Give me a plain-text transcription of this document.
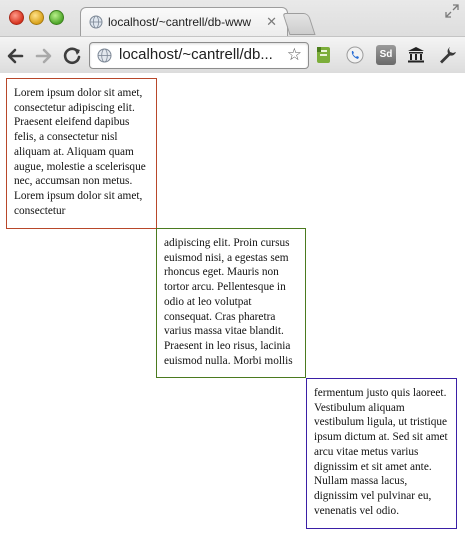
localhost/~cantrell/db-www	✕
localhost/~cantrell/db... ☆	Sd
Lorem ipsum dolor sit amet, consectetur adipiscing elit. Praesent eleifend dapibus felis, a consectetur nisl aliquam at. Aliquam quam augue, molestie a scelerisque nec, accumsan non metus. Lorem ipsum dolor sit amet, consectetur
adipiscing elit. Proin cursus euismod nisi, a egestas sem rhoncus eget. Mauris non tortor arcu. Pellentesque in odio at leo volutpat consequat. Cras pharetra varius massa vitae blandit. Praesent in leo risus, lacinia euismod nulla. Morbi mollis
fermentum justo quis laoreet. Vestibulum aliquam vestibulum ligula, ut tristique ipsum dictum at. Sed sit amet arcu vitae metus varius dignissim et sit amet ante. Nullam massa lacus, dignissim vel pulvinar eu, venenatis vel odio.
